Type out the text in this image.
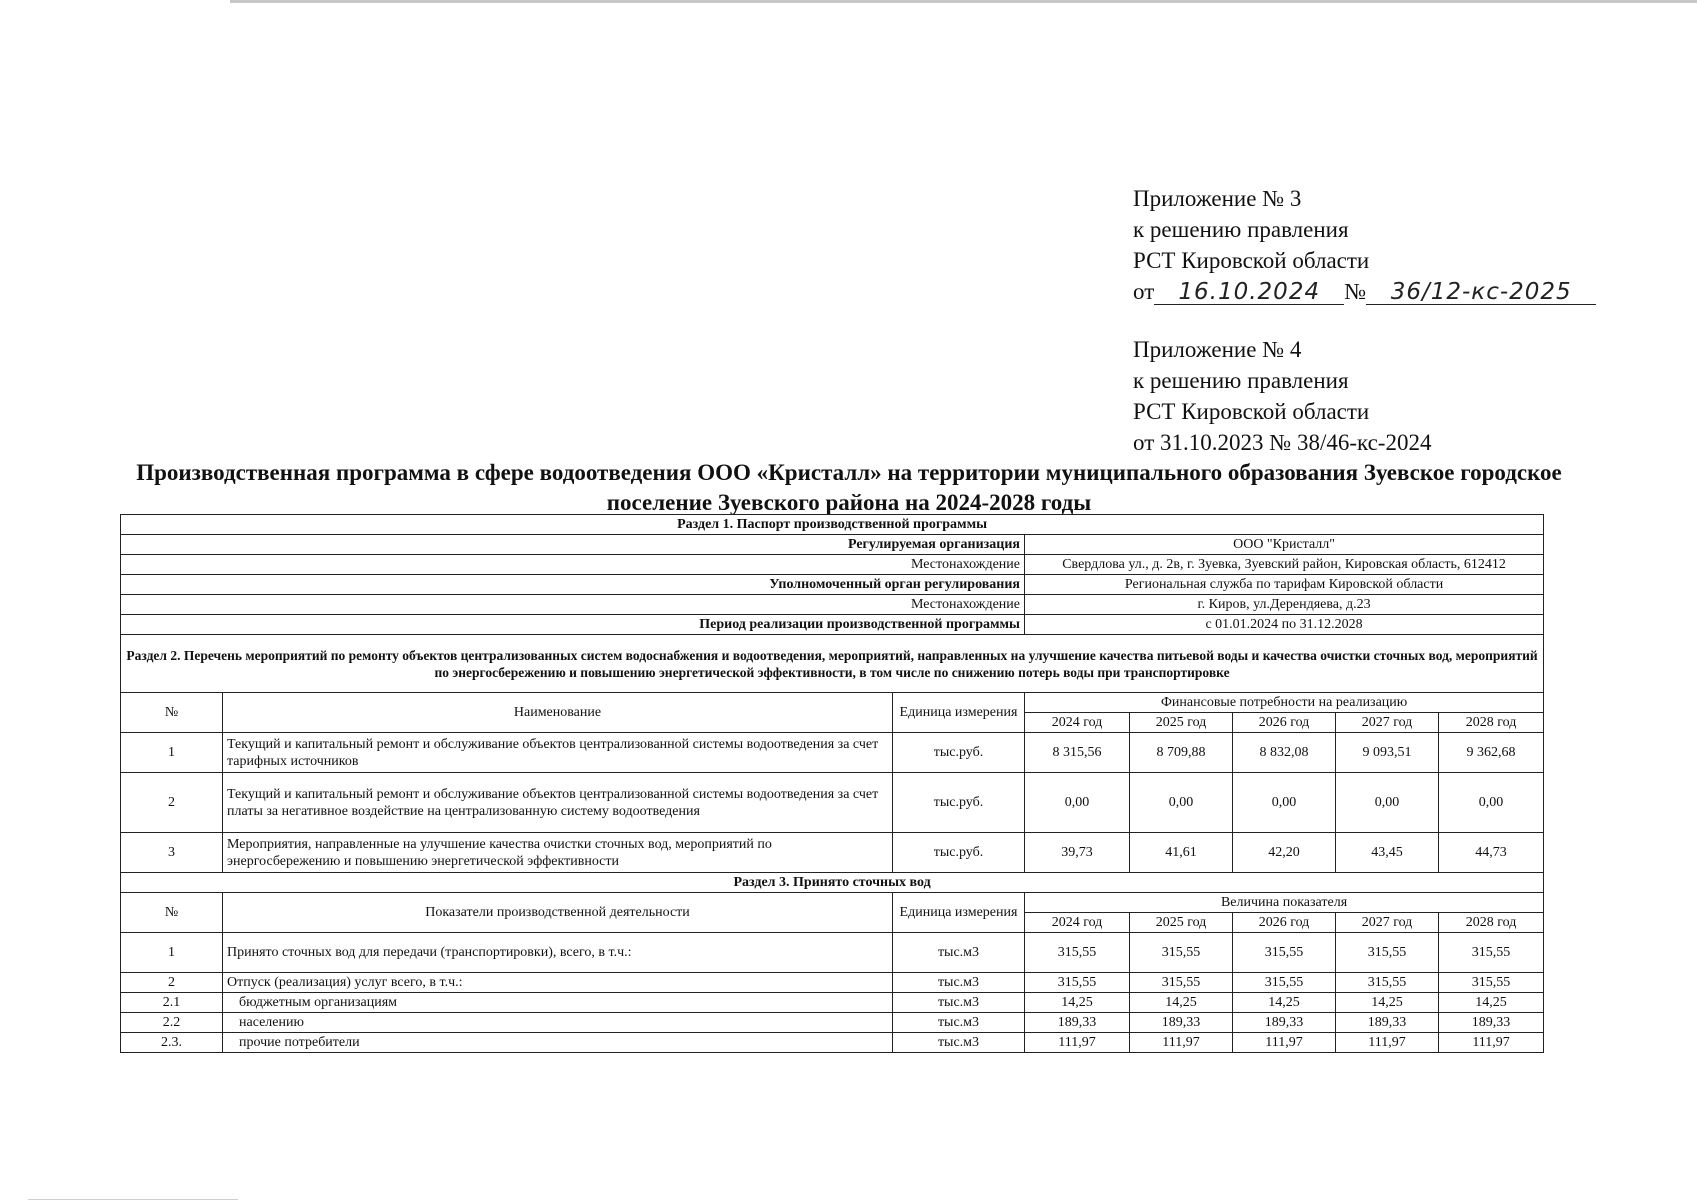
Приложение № 3
к решению правления
РСТ Кировской области
от 16.10.2024 № 36/12-кс-2025
Приложение № 4
к решению правления
РСТ Кировской области
от 31.10.2023 № 38/46-кс-2024
Производственная программа в сфере водоотведения ООО «Кристалл» на территории муниципального образования Зуевское городское поселение Зуевского района на 2024-2028 годы
Раздел 1. Паспорт производственной программы							
Регулируемая организация			ООО "Кристалл"				
Местонахождение			Свердлова ул., д. 2в, г. Зуевка, Зуевский район, Кировская область, 612412				
Уполномоченный орган регулирования			Региональная служба по тарифам Кировской области				
Местонахождение			г. Киров, ул.Дерендяева, д.23				
Период реализации производственной программы			с 01.01.2024 по 31.12.2028				
Раздел 2. Перечень мероприятий по ремонту объектов централизованных систем водоснабжения и водоотведения, мероприятий, направленных на улучшение качества питьевой воды и качества очистки сточных вод, мероприятий по энергосбережению и повышению энергетической эффективности, в том числе по снижению потерь воды при транспортировке							
№	Наименование	Единица измерения	Финансовые потребности на реализацию				
			2024 год	2025 год	2026 год	2027 год	2028 год
1	Текущий и капитальный ремонт и обслуживание объектов централизованной системы водоотведения за счет тарифных источников	тыс.руб.	8 315,56	8 709,88	8 832,08	9 093,51	9 362,68
2	Текущий и капитальный ремонт и обслуживание объектов централизованной системы водоотведения за счет платы за негативное воздействие на централизованную систему водоотведения	тыс.руб.	0,00	0,00	0,00	0,00	0,00
3	Мероприятия, направленные на улучшение качества очистки сточных вод, мероприятий по энергосбережению и повышению энергетической эффективности	тыс.руб.	39,73	41,61	42,20	43,45	44,73
Раздел 3. Принято сточных вод							
№	Показатели производственной деятельности	Единица измерения	Величина показателя				
			2024 год	2025 год	2026 год	2027 год	2028 год
1	Принято сточных вод для передачи (транспортировки), всего, в т.ч.:	тыс.м3	315,55	315,55	315,55	315,55	315,55
2	Отпуск (реализация) услуг всего, в т.ч.:	тыс.м3	315,55	315,55	315,55	315,55	315,55
2.1	бюджетным организациям	тыс.м3	14,25	14,25	14,25	14,25	14,25
2.2	населению	тыс.м3	189,33	189,33	189,33	189,33	189,33
2.3.	прочие потребители	тыс.м3	111,97	111,97	111,97	111,97	111,97
